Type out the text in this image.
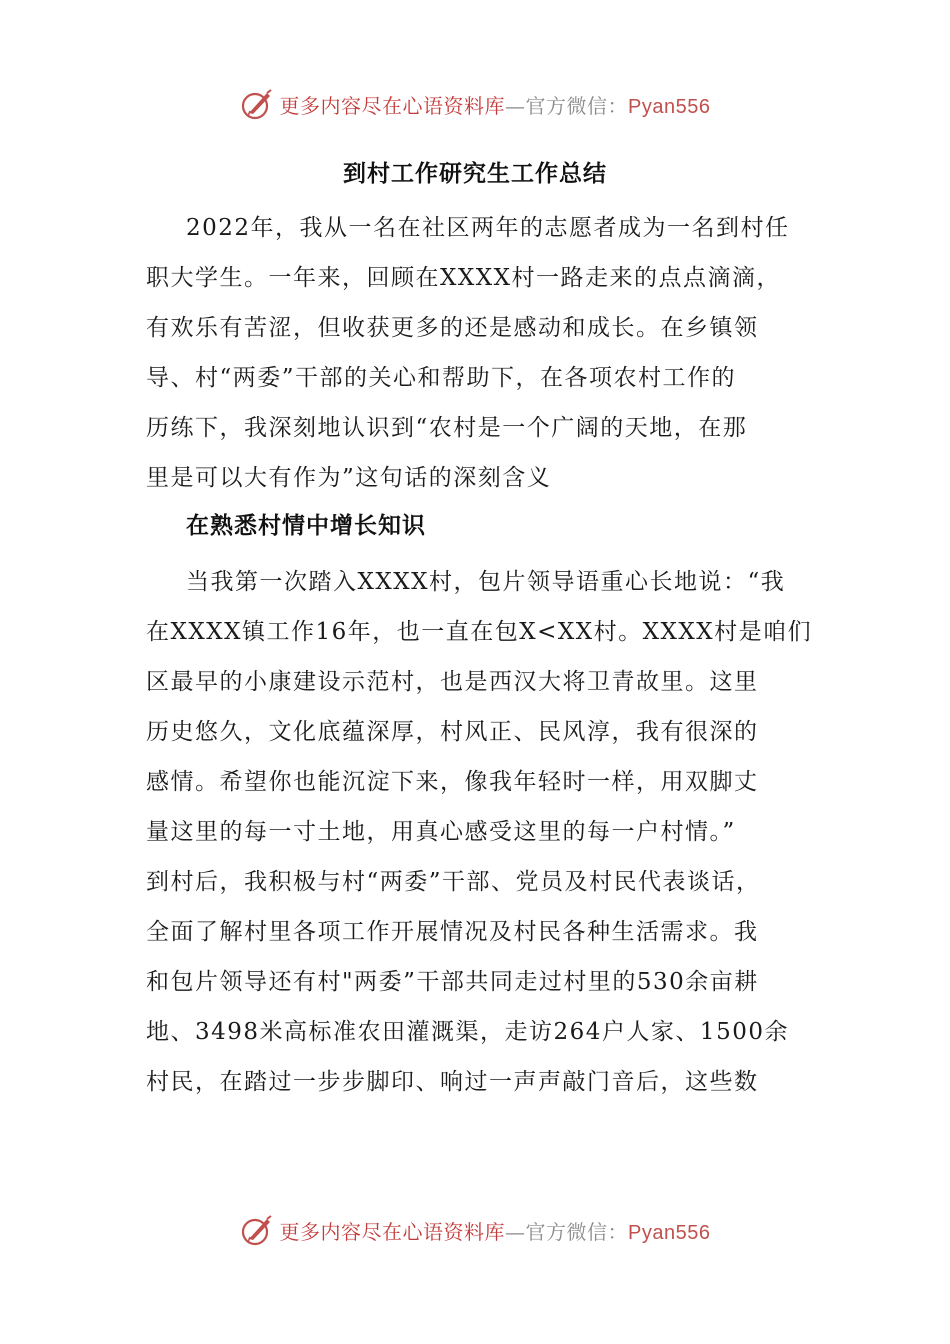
更多内容尽在心语资料库—官方微信：Pyan556
到村工作研究生工作总结
2022年，我从一名在社区两年的志愿者成为一名到村任
职大学生。一年来，回顾在XXXX村一路走来的点点滴滴，
有欢乐有苦涩，但收获更多的还是感动和成长。在乡镇领
导、村“两委”干部的关心和帮助下，在各项农村工作的
历练下，我深刻地认识到“农村是一个广阔的天地，在那
里是可以大有作为”这句话的深刻含义
在熟悉村情中增长知识
当我第一次踏入XXXX村，包片领导语重心长地说：“我
在XXXX镇工作16年，也一直在包X<XX村。XXXX村是咱们
区最早的小康建设示范村，也是西汉大将卫青故里。这里
历史悠久，文化底蕴深厚，村风正、民风淳，我有很深的
感情。希望你也能沉淀下来，像我年轻时一样，用双脚丈
量这里的每一寸土地，用真心感受这里的每一户村情。”
到村后，我积极与村“两委”干部、党员及村民代表谈话，
全面了解村里各项工作开展情况及村民各种生活需求。我
和包片领导还有村"两委”干部共同走过村里的530余亩耕
地、3498米高标准农田灌溉渠，走访264户人家、1500余
村民，在踏过一步步脚印、响过一声声敲门音后，这些数
更多内容尽在心语资料库—官方微信：Pyan556
